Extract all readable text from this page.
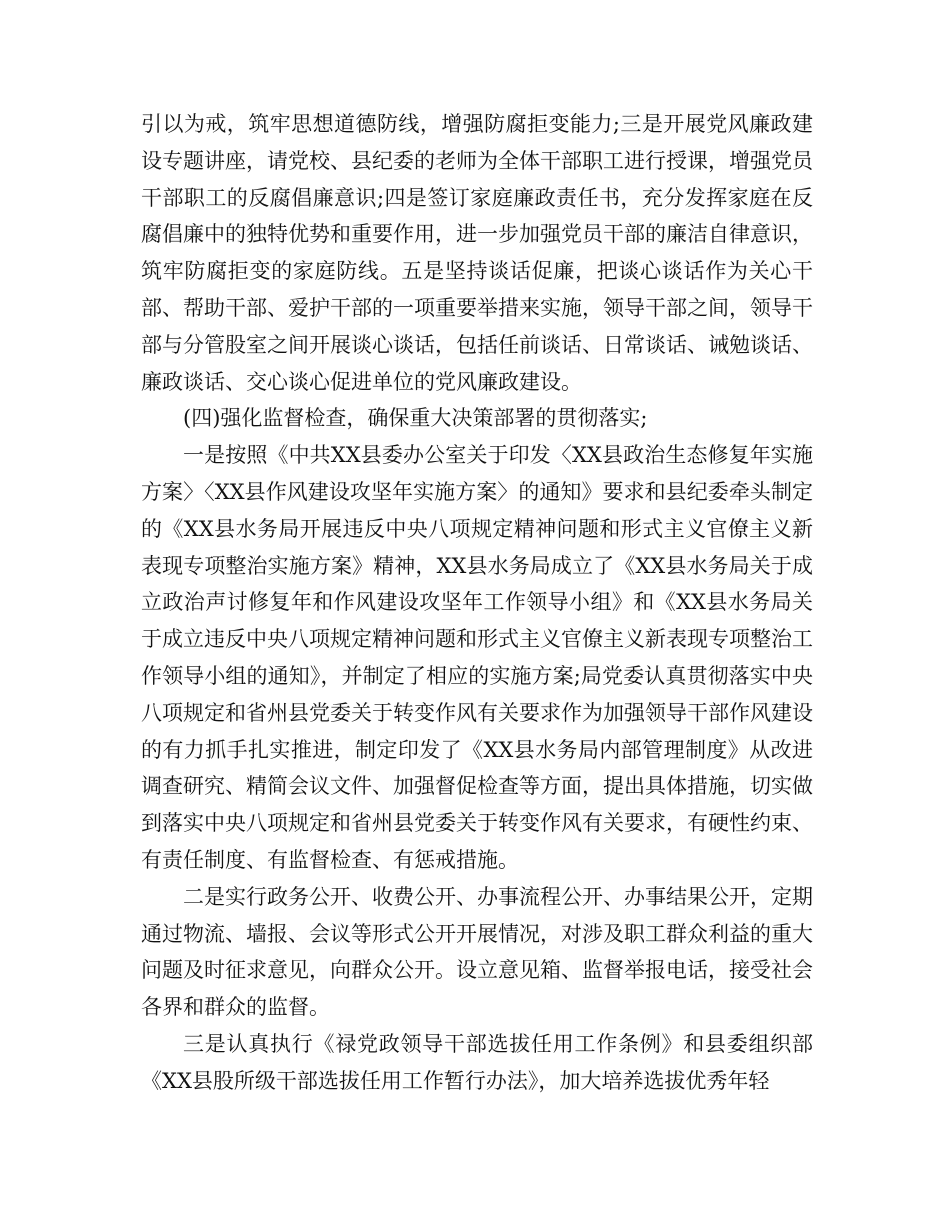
引以为戒，筑牢思想道德防线，增强防腐拒变能力;三是开展党风廉政建设专题讲座，请党校、县纪委的老师为全体干部职工进行授课，增强党员干部职工的反腐倡廉意识;四是签订家庭廉政责任书，充分发挥家庭在反腐倡廉中的独特优势和重要作用，进一步加强党员干部的廉洁自律意识，筑牢防腐拒变的家庭防线。五是坚持谈话促廉，把谈心谈话作为关心干部、帮助干部、爱护干部的一项重要举措来实施，领导干部之间，领导干部与分管股室之间开展谈心谈话，包括任前谈话、日常谈话、诫勉谈话、廉政谈话、交心谈心促进单位的党风廉政建设。

(四)强化监督检查，确保重大决策部署的贯彻落实;

一是按照《中共XX县委办公室关于印发〈XX县政治生态修复年实施方案〉〈XX县作风建设攻坚年实施方案〉的通知》要求和县纪委牵头制定的《XX县水务局开展违反中央八项规定精神问题和形式主义官僚主义新表现专项整治实施方案》精神，XX县水务局成立了《XX县水务局关于成立政治声讨修复年和作风建设攻坚年工作领导小组》和《XX县水务局关于成立违反中央八项规定精神问题和形式主义官僚主义新表现专项整治工作领导小组的通知》，并制定了相应的实施方案;局党委认真贯彻落实中央八项规定和省州县党委关于转变作风有关要求作为加强领导干部作风建设的有力抓手扎实推进，制定印发了《XX县水务局内部管理制度》从改进调查研究、精简会议文件、加强督促检查等方面，提出具体措施，切实做到落实中央八项规定和省州县党委关于转变作风有关要求，有硬性约束、有责任制度、有监督检查、有惩戒措施。

二是实行政务公开、收费公开、办事流程公开、办事结果公开，定期通过物流、墙报、会议等形式公开开展情况，对涉及职工群众利益的重大问题及时征求意见，向群众公开。设立意见箱、监督举报电话，接受社会各界和群众的监督。

三是认真执行《禄党政领导干部选拔任用工作条例》和县委组织部《XX县股所级干部选拔任用工作暂行办法》，加大培养选拔优秀年轻
